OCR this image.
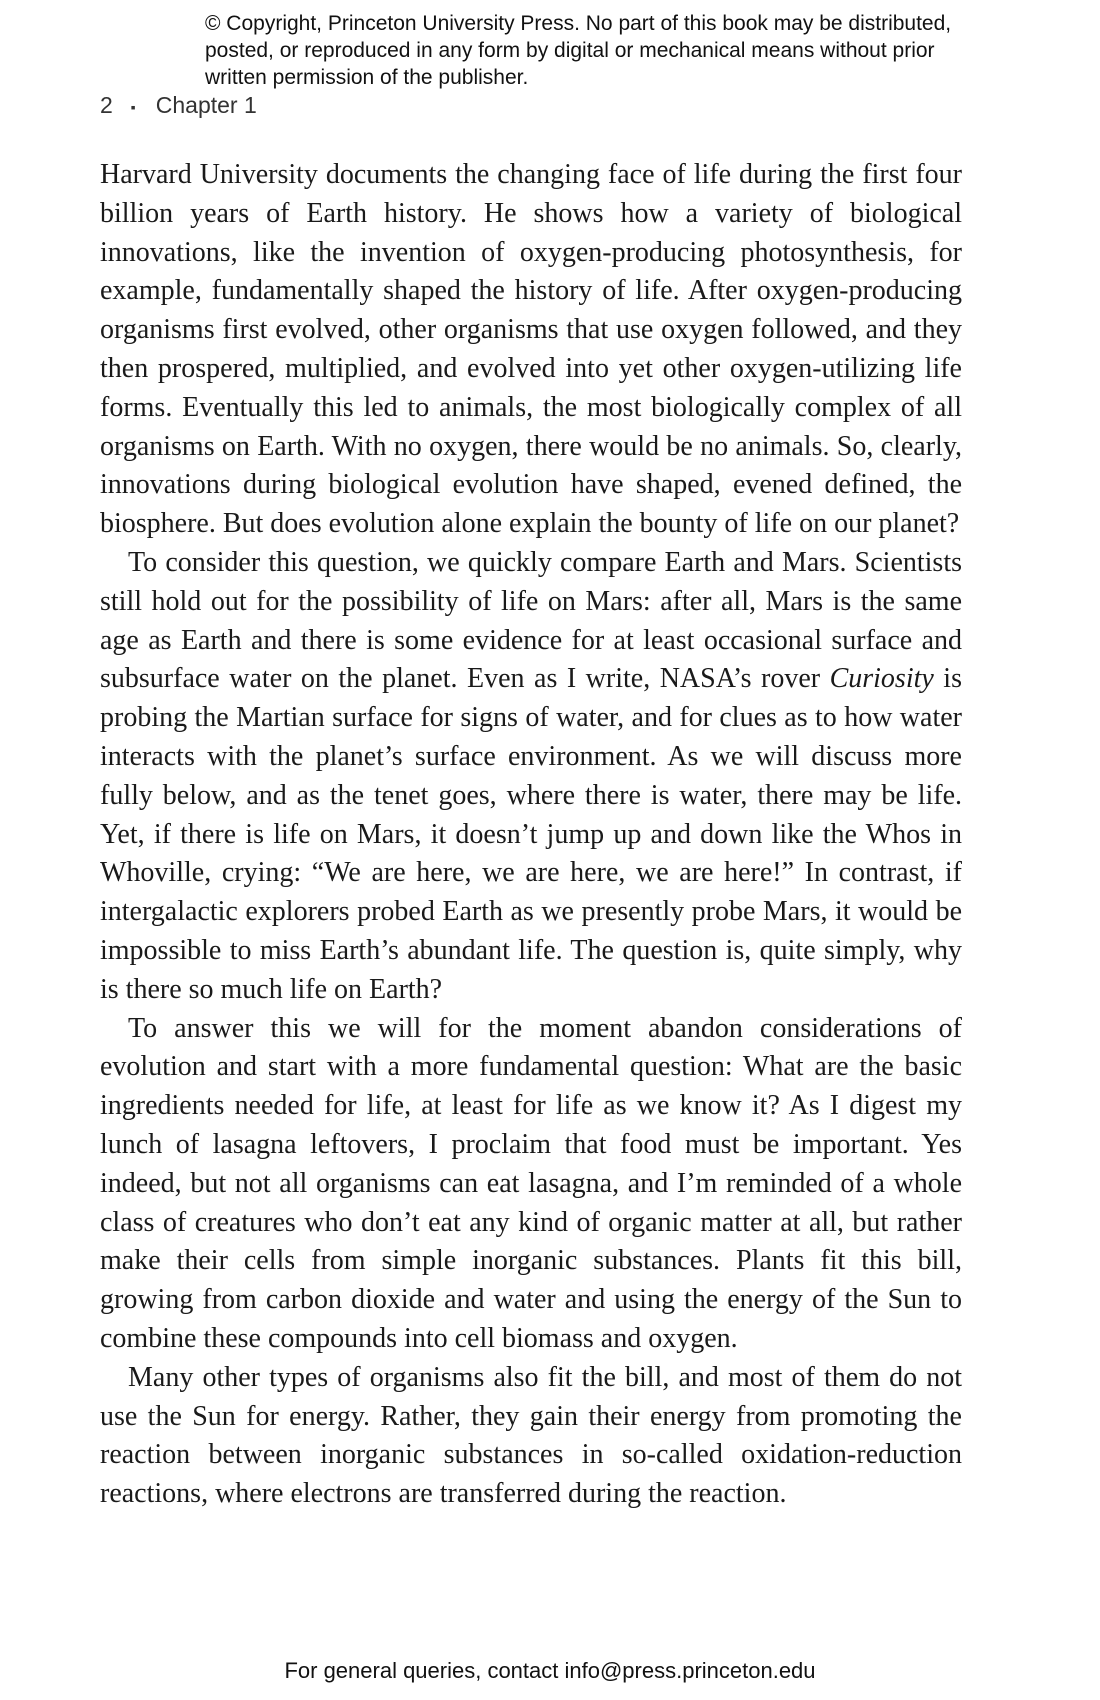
© Copyright, Princeton University Press. No part of this book may be distributed, posted, or reproduced in any form by digital or mechanical means without prior written permission of the publisher.
2 ▪ Chapter 1

Harvard University documents the changing face of life during the first four billion years of Earth history. He shows how a variety of biological innovations, like the invention of oxygen-producing photosynthesis, for example, fundamentally shaped the history of life. After oxygen-producing organisms first evolved, other organisms that use oxygen followed, and they then prospered, multiplied, and evolved into yet other oxygen-utilizing life forms. Eventually this led to animals, the most biologically complex of all organisms on Earth. With no oxygen, there would be no animals. So, clearly, innovations during biological evolution have shaped, evened defined, the biosphere. But does evolution alone explain the bounty of life on our planet?

To consider this question, we quickly compare Earth and Mars. Scientists still hold out for the possibility of life on Mars: after all, Mars is the same age as Earth and there is some evidence for at least occasional surface and subsurface water on the planet. Even as I write, NASA’s rover Curiosity is probing the Martian surface for signs of water, and for clues as to how water interacts with the planet’s surface environment. As we will discuss more fully below, and as the tenet goes, where there is water, there may be life. Yet, if there is life on Mars, it doesn’t jump up and down like the Whos in Whoville, crying: “We are here, we are here, we are here!” In contrast, if intergalactic explorers probed Earth as we presently probe Mars, it would be impossible to miss Earth’s abundant life. The question is, quite simply, why is there so much life on Earth?

To answer this we will for the moment abandon considerations of evolution and start with a more fundamental question: What are the basic ingredients needed for life, at least for life as we know it? As I digest my lunch of lasagna leftovers, I proclaim that food must be important. Yes indeed, but not all organisms can eat lasagna, and I’m reminded of a whole class of creatures who don’t eat any kind of organic matter at all, but rather make their cells from simple inorganic substances. Plants fit this bill, growing from carbon dioxide and water and using the energy of the Sun to combine these compounds into cell biomass and oxygen.

Many other types of organisms also fit the bill, and most of them do not use the Sun for energy. Rather, they gain their energy from promoting the reaction between inorganic substances in so-called oxidation-reduction reactions, where electrons are transferred during the reaction.

For general queries, contact info@press.princeton.edu
